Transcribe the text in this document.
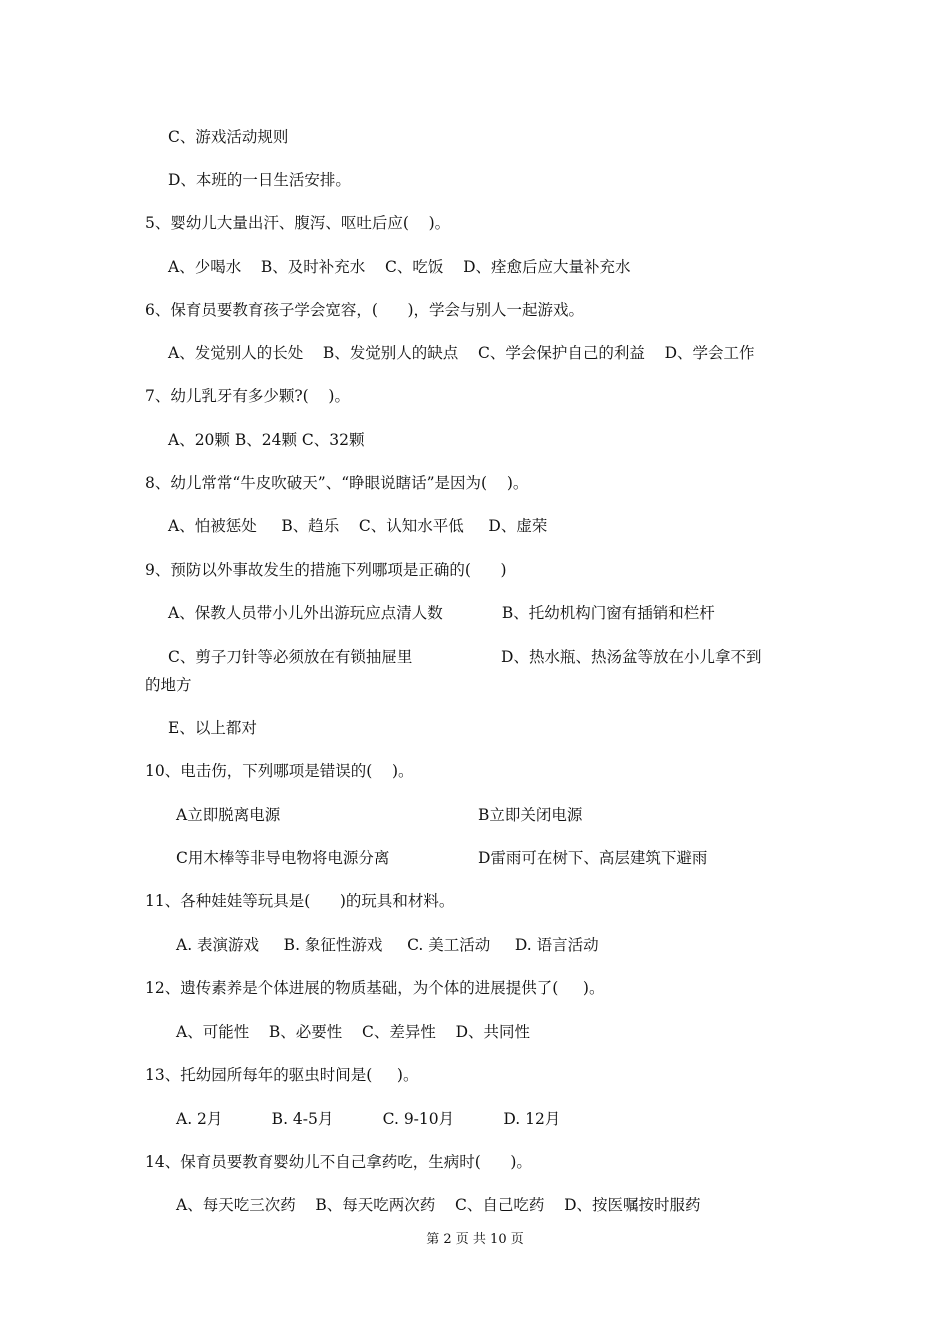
C、游戏活动规则
D、本班的一日生活安排。
5、婴幼儿大量出汗、腹泻、呕吐后应(    )。
A、少喝水    B、及时补充水    C、吃饭    D、痊愈后应大量补充水
6、保育员要教育孩子学会宽容，(      )，学会与别人一起游戏。
A、发觉别人的长处    B、发觉别人的缺点    C、学会保护自己的利益    D、学会工作
7、幼儿乳牙有多少颗?(    )。
A、20颗 B、24颗 C、32颗
8、幼儿常常“牛皮吹破天”、“睁眼说瞎话”是因为(    )。
A、怕被惩处     B、趋乐    C、认知水平低     D、虚荣
9、预防以外事故发生的措施下列哪项是正确的(      )
A、保教人员带小儿外出游玩应点清人数            B、托幼机构门窗有插销和栏杆
C、剪子刀针等必须放在有锁抽屉里                  D、热水瓶、热汤盆等放在小儿拿不到
的地方
E、以上都对
10、电击伤，下列哪项是错误的(    )。
A立即脱离电源	B立即关闭电源
C用木棒等非导电物将电源分离	D雷雨可在树下、高层建筑下避雨
11、各种娃娃等玩具是(      )的玩具和材料。
A. 表演游戏     B. 象征性游戏     C. 美工活动     D. 语言活动
12、遗传素养是个体进展的物质基础，为个体的进展提供了(     )。
A、可能性    B、必要性    C、差异性    D、共同性
13、托幼园所每年的驱虫时间是(     )。
A. 2月          B. 4-5月          C. 9-10月          D. 12月
14、保育员要教育婴幼儿不自己拿药吃，生病时(      )。
A、每天吃三次药    B、每天吃两次药    C、自己吃药    D、按医嘱按时服药
第 2 页 共 10 页
